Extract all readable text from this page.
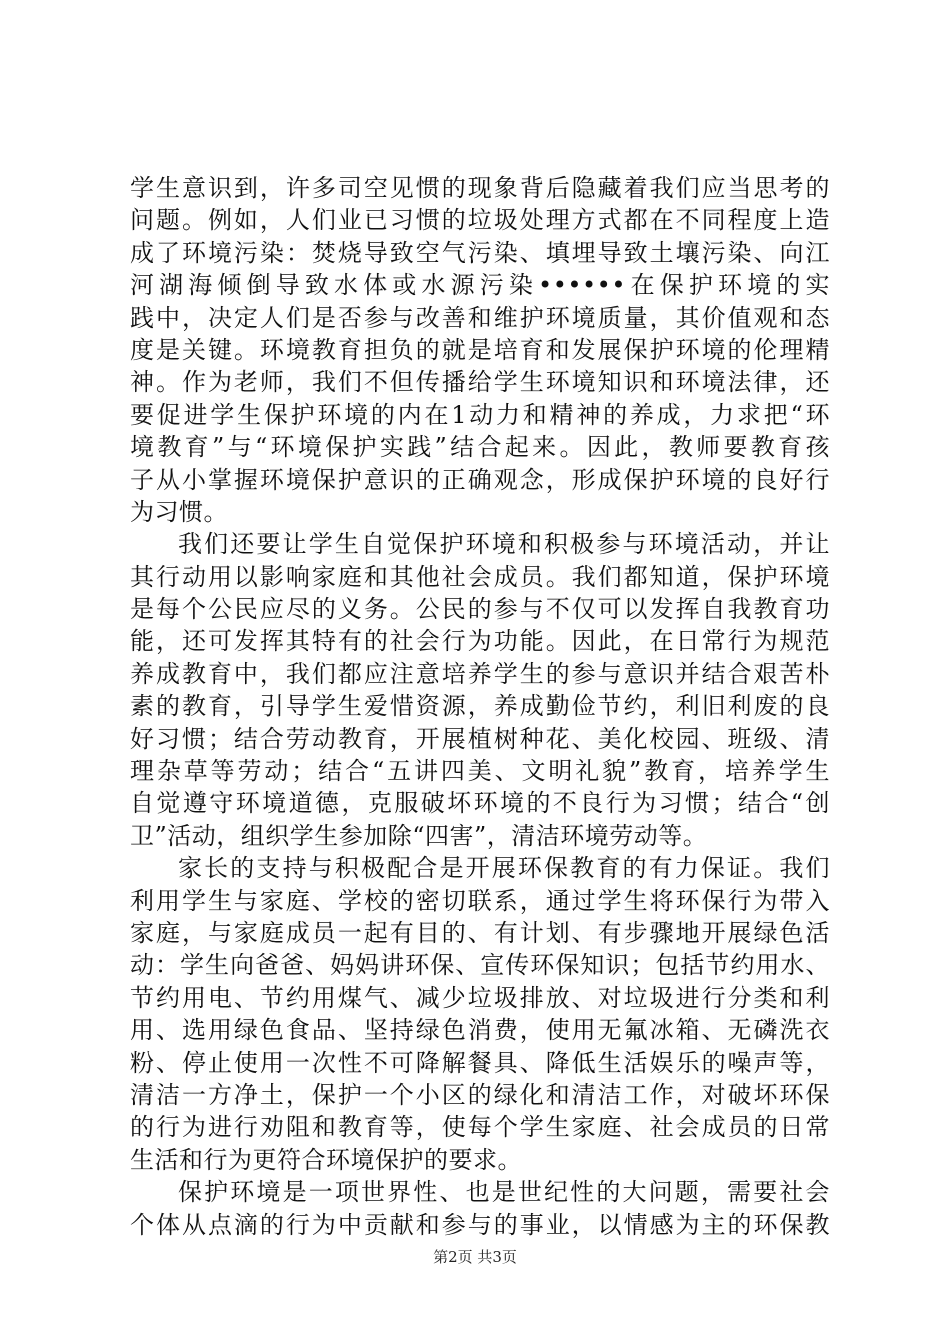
学生意识到，许多司空见惯的现象背后隐藏着我们应当思考的
问题。例如，人们业已习惯的垃圾处理方式都在不同程度上造
成了环境污染：焚烧导致空气污染、填埋导致土壤污染、向江
河湖海倾倒导致水体或水源污染••••••在保护环境的实
践中，决定人们是否参与改善和维护环境质量，其价值观和态
度是关键。环境教育担负的就是培育和发展保护环境的伦理精
神。作为老师，我们不但传播给学生环境知识和环境法律，还
要促进学生保护环境的内在1动力和精神的养成，力求把“环
境教育”与“环境保护实践”结合起来。因此，教师要教育孩
子从小掌握环境保护意识的正确观念，形成保护环境的良好行
为习惯。
我们还要让学生自觉保护环境和积极参与环境活动，并让
其行动用以影响家庭和其他社会成员。我们都知道，保护环境
是每个公民应尽的义务。公民的参与不仅可以发挥自我教育功
能，还可发挥其特有的社会行为功能。因此，在日常行为规范
养成教育中，我们都应注意培养学生的参与意识并结合艰苦朴
素的教育，引导学生爱惜资源，养成勤俭节约，利旧利废的良
好习惯；结合劳动教育，开展植树种花、美化校园、班级、清
理杂草等劳动；结合“五讲四美、文明礼貌”教育，培养学生
自觉遵守环境道德，克服破坏环境的不良行为习惯；结合“创
卫”活动，组织学生参加除“四害”，清洁环境劳动等。
家长的支持与积极配合是开展环保教育的有力保证。我们
利用学生与家庭、学校的密切联系，通过学生将环保行为带入
家庭，与家庭成员一起有目的、有计划、有步骤地开展绿色活
动：学生向爸爸、妈妈讲环保、宣传环保知识；包括节约用水、
节约用电、节约用煤气、减少垃圾排放、对垃圾进行分类和利
用、选用绿色食品、坚持绿色消费，使用无氟冰箱、无磷洗衣
粉、停止使用一次性不可降解餐具、降低生活娱乐的噪声等，
清洁一方净土，保护一个小区的绿化和清洁工作，对破坏环保
的行为进行劝阻和教育等，使每个学生家庭、社会成员的日常
生活和行为更符合环境保护的要求。
保护环境是一项世界性、也是世纪性的大问题，需要社会
个体从点滴的行为中贡献和参与的事业，以情感为主的环保教
第2页 共3页
